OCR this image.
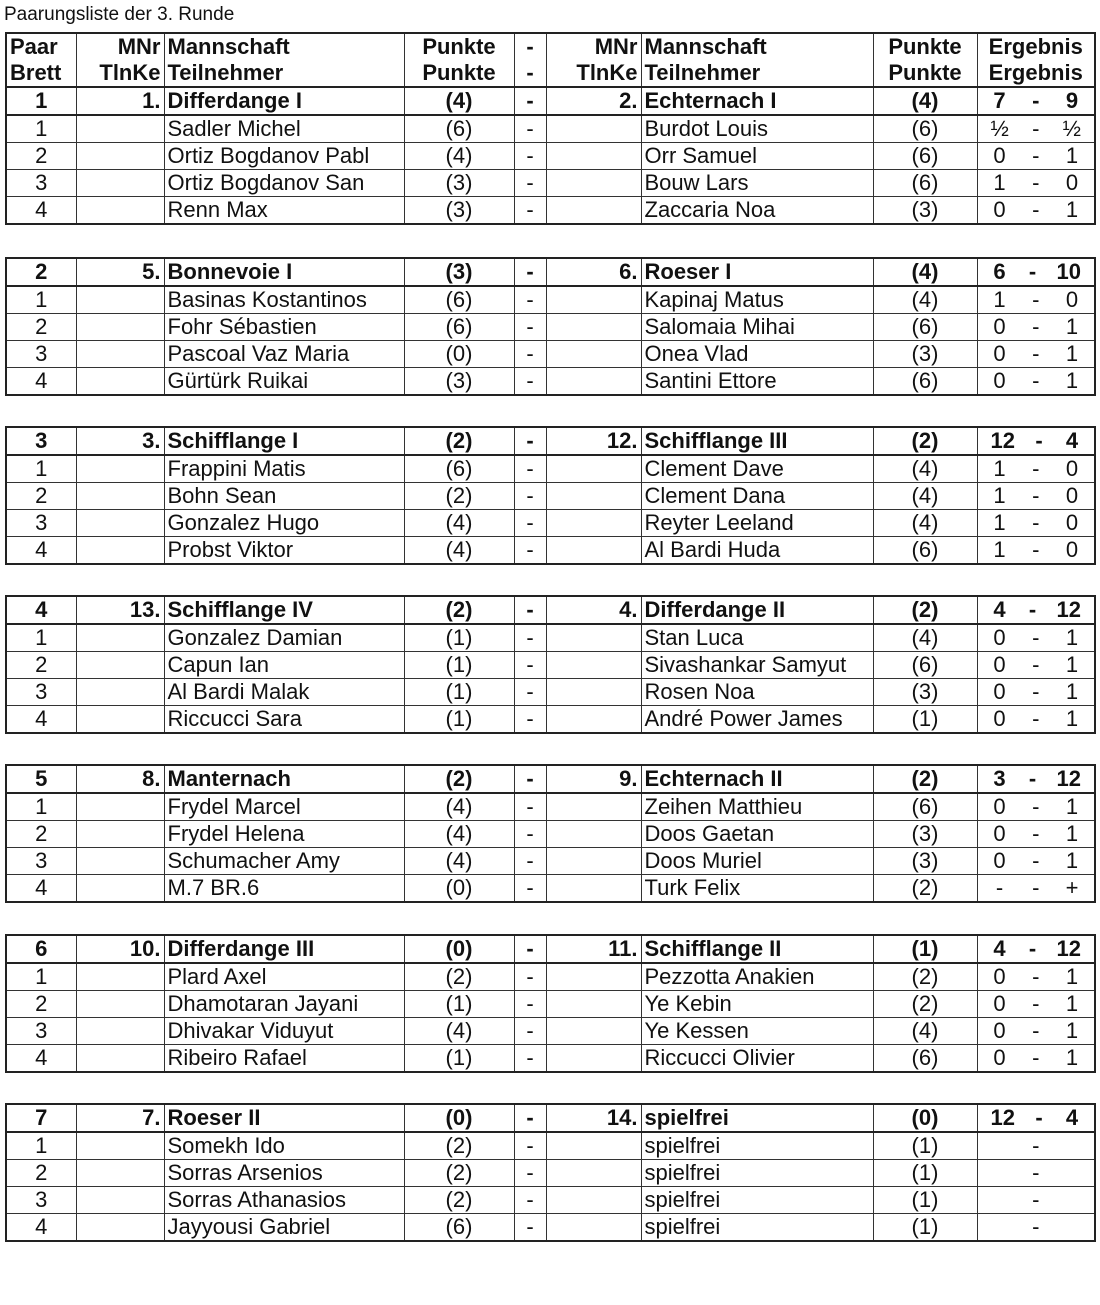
Paarungsliste der 3. Runde
Paar	MNr	Mannschaft	Punkte	-	MNr	Mannschaft	Punkte	Ergebnis
Brett	TlnKe	Teilnehmer	Punkte	-	TlnKe	Teilnehmer	Punkte	Ergebnis
1	1.	Differdange I	(4)	-	2.	Echternach I	(4)	7 - 9

1		Sadler Michel	(6)	-		Burdot Louis	(6)	½ - ½

2		Ortiz Bogdanov Pabl	(4)	-		Orr Samuel	(6)	0 - 1

3		Ortiz Bogdanov San	(3)	-		Bouw Lars	(6)	1 - 0

4		Renn Max	(3)	-		Zaccaria Noa	(3)	0 - 1
2	5.	Bonnevoie I	(3)	-	6.	Roeser I	(4)	6 - 10

1		Basinas Kostantinos	(6)	-		Kapinaj Matus	(4)	1 - 0

2		Fohr Sébastien	(6)	-		Salomaia Mihai	(6)	0 - 1

3		Pascoal Vaz Maria	(0)	-		Onea Vlad	(3)	0 - 1

4		Gürtürk Ruikai	(3)	-		Santini Ettore	(6)	0 - 1
3	3.	Schifflange I	(2)	-	12.	Schifflange III	(2)	12 - 4

1		Frappini Matis	(6)	-		Clement Dave	(4)	1 - 0

2		Bohn Sean	(2)	-		Clement Dana	(4)	1 - 0

3		Gonzalez Hugo	(4)	-		Reyter Leeland	(4)	1 - 0

4		Probst Viktor	(4)	-		Al Bardi Huda	(6)	1 - 0
4	13.	Schifflange IV	(2)	-	4.	Differdange II	(2)	4 - 12

1		Gonzalez Damian	(1)	-		Stan Luca	(4)	0 - 1

2		Capun Ian	(1)	-		Sivashankar Samyut	(6)	0 - 1

3		Al Bardi Malak	(1)	-		Rosen Noa	(3)	0 - 1

4		Riccucci Sara	(1)	-		André Power James	(1)	0 - 1
5	8.	Manternach	(2)	-	9.	Echternach II	(2)	3 - 12

1		Frydel Marcel	(4)	-		Zeihen Matthieu	(6)	0 - 1

2		Frydel Helena	(4)	-		Doos Gaetan	(3)	0 - 1

3		Schumacher Amy	(4)	-		Doos Muriel	(3)	0 - 1

4		M.7 BR.6	(0)	-		Turk Felix	(2)	- - +
6	10.	Differdange III	(0)	-	11.	Schifflange II	(1)	4 - 12

1		Plard Axel	(2)	-		Pezzotta Anakien	(2)	0 - 1

2		Dhamotaran Jayani	(1)	-		Ye Kebin	(2)	0 - 1

3		Dhivakar Viduyut	(4)	-		Ye Kessen	(4)	0 - 1

4		Ribeiro Rafael	(1)	-		Riccucci Olivier	(6)	0 - 1
7	7.	Roeser II	(0)	-	14.	spielfrei	(0)	12 - 4

1		Somekh Ido	(2)	-		spielfrei	(1)	-
2		Sorras Arsenios	(2)	-		spielfrei	(1)	-
3		Sorras Athanasios	(2)	-		spielfrei	(1)	-
4		Jayyousi Gabriel	(6)	-		spielfrei	(1)	-
